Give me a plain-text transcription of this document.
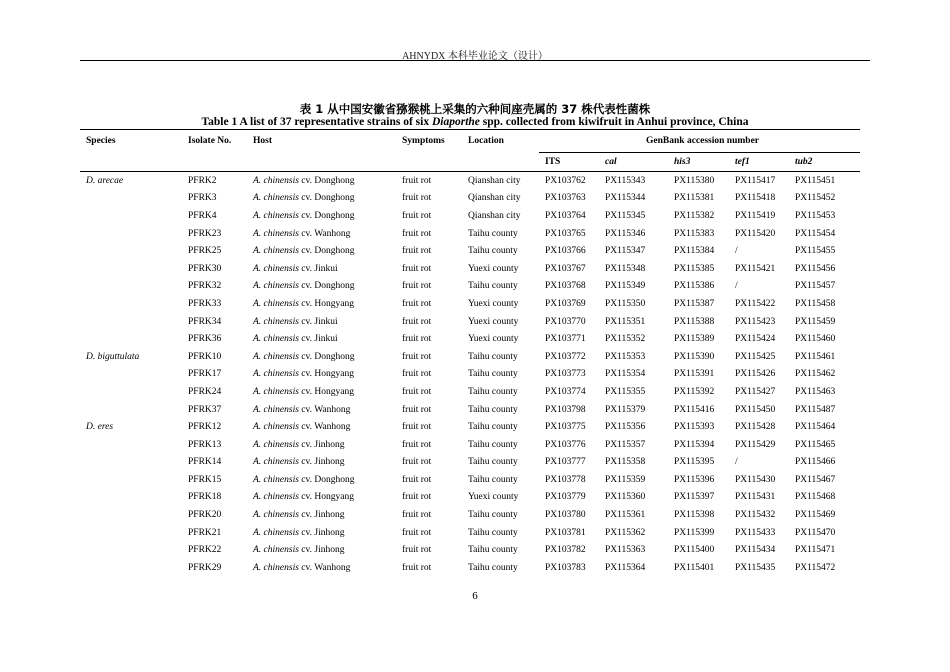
AHNYDX 本科毕业论文（设计）
表 1 从中国安徽省猕猴桃上采集的六种间座壳属的 37 株代表性菌株
Table 1 A list of 37 representative strains of six Diaporthe spp. collected from kiwifruit in Anhui province, China
Species	Isolate No.	Host	Symptoms	Location	GenBank accession number				
					ITS	cal	his3	tef1	tub2
D. arecae	PFRK2	A. chinensis cv. Donghong	fruit rot	Qianshan city	PX103762	PX115343	PX115380	PX115417	PX115451
	PFRK3	A. chinensis cv. Donghong	fruit rot	Qianshan city	PX103763	PX115344	PX115381	PX115418	PX115452
	PFRK4	A. chinensis cv. Donghong	fruit rot	Qianshan city	PX103764	PX115345	PX115382	PX115419	PX115453
	PFRK23	A. chinensis cv. Wanhong	fruit rot	Taihu county	PX103765	PX115346	PX115383	PX115420	PX115454
	PFRK25	A. chinensis cv. Donghong	fruit rot	Taihu county	PX103766	PX115347	PX115384	/	PX115455
	PFRK30	A. chinensis cv. Jinkui	fruit rot	Yuexi county	PX103767	PX115348	PX115385	PX115421	PX115456
	PFRK32	A. chinensis cv. Donghong	fruit rot	Taihu county	PX103768	PX115349	PX115386	/	PX115457
	PFRK33	A. chinensis cv. Hongyang	fruit rot	Yuexi county	PX103769	PX115350	PX115387	PX115422	PX115458
	PFRK34	A. chinensis cv. Jinkui	fruit rot	Yuexi county	PX103770	PX115351	PX115388	PX115423	PX115459
	PFRK36	A. chinensis cv. Jinkui	fruit rot	Yuexi county	PX103771	PX115352	PX115389	PX115424	PX115460
D. biguttulata	PFRK10	A. chinensis cv. Donghong	fruit rot	Taihu county	PX103772	PX115353	PX115390	PX115425	PX115461
	PFRK17	A. chinensis cv. Hongyang	fruit rot	Taihu county	PX103773	PX115354	PX115391	PX115426	PX115462
	PFRK24	A. chinensis cv. Hongyang	fruit rot	Taihu county	PX103774	PX115355	PX115392	PX115427	PX115463
	PFRK37	A. chinensis cv. Wanhong	fruit rot	Taihu county	PX103798	PX115379	PX115416	PX115450	PX115487
D. eres	PFRK12	A. chinensis cv. Wanhong	fruit rot	Taihu county	PX103775	PX115356	PX115393	PX115428	PX115464
	PFRK13	A. chinensis cv. Jinhong	fruit rot	Taihu county	PX103776	PX115357	PX115394	PX115429	PX115465
	PFRK14	A. chinensis cv. Jinhong	fruit rot	Taihu county	PX103777	PX115358	PX115395	/	PX115466
	PFRK15	A. chinensis cv. Donghong	fruit rot	Taihu county	PX103778	PX115359	PX115396	PX115430	PX115467
	PFRK18	A. chinensis cv. Hongyang	fruit rot	Yuexi county	PX103779	PX115360	PX115397	PX115431	PX115468
	PFRK20	A. chinensis cv. Jinhong	fruit rot	Taihu county	PX103780	PX115361	PX115398	PX115432	PX115469
	PFRK21	A. chinensis cv. Jinhong	fruit rot	Taihu county	PX103781	PX115362	PX115399	PX115433	PX115470
	PFRK22	A. chinensis cv. Jinhong	fruit rot	Taihu county	PX103782	PX115363	PX115400	PX115434	PX115471
	PFRK29	A. chinensis cv. Wanhong	fruit rot	Taihu county	PX103783	PX115364	PX115401	PX115435	PX115472
6
